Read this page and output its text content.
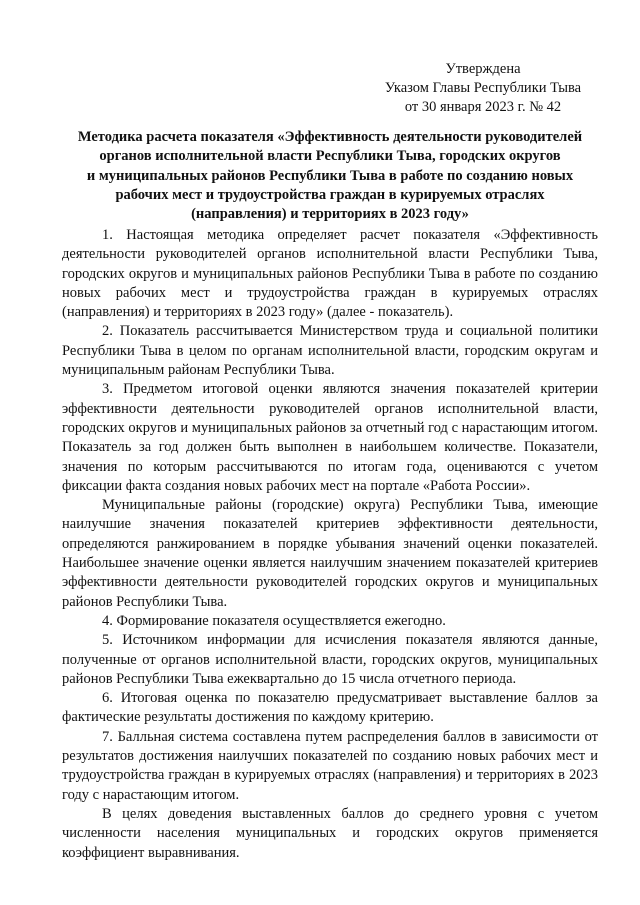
Утверждена
Указом Главы Республики Тыва
от 30 января 2023 г. № 42
Методика расчета показателя «Эффективность деятельности руководителей
органов исполнительной власти Республики Тыва, городских округов
и муниципальных районов Республики Тыва в работе по созданию новых
рабочих мест и трудоустройства граждан в курируемых отраслях
(направления) и территориях в 2023 году»

1. Настоящая методика определяет расчет показателя «Эффективность деятельности руководителей органов исполнительной власти Республики Тыва, городских округов и муниципальных районов Республики Тыва в работе по созданию новых рабочих мест и трудоустройства граждан в курируемых отраслях (направления) и территориях в 2023 году» (далее - показатель).

2. Показатель рассчитывается Министерством труда и социальной политики Республики Тыва в целом по органам исполнительной власти, городским округам и муниципальным районам Республики Тыва.

3. Предметом итоговой оценки являются значения показателей критерии эффективности деятельности руководителей органов исполнительной власти, городских округов и муниципальных районов за отчетный год с нарастающим итогом. Показатель за год должен быть выполнен в наибольшем количестве. Показатели, значения по которым рассчитываются по итогам года, оцениваются с учетом фиксации факта создания новых рабочих мест на портале «Работа России».

Муниципальные районы (городские) округа) Республики Тыва, имеющие наилучшие значения показателей критериев эффективности деятельности, определяются ранжированием в порядке убывания значений оценки показателей. Наибольшее значение оценки является наилучшим значением показателей критериев эффективности деятельности руководителей городских округов и муниципальных районов Республики Тыва.

4. Формирование показателя осуществляется ежегодно.

5. Источником информации для исчисления показателя являются данные, полученные от органов исполнительной власти, городских округов, муниципальных районов Республики Тыва ежеквартально до 15 числа отчетного периода.

6. Итоговая оценка по показателю предусматривает выставление баллов за фактические результаты достижения по каждому критерию.

7. Балльная система составлена путем распределения баллов в зависимости от результатов достижения наилучших показателей по созданию новых рабочих мест и трудоустройства граждан в курируемых отраслях (направления) и территориях в 2023 году с нарастающим итогом.

В целях доведения выставленных баллов до среднего уровня с учетом численности населения муниципальных и городских округов применяется коэффициент выравнивания.
